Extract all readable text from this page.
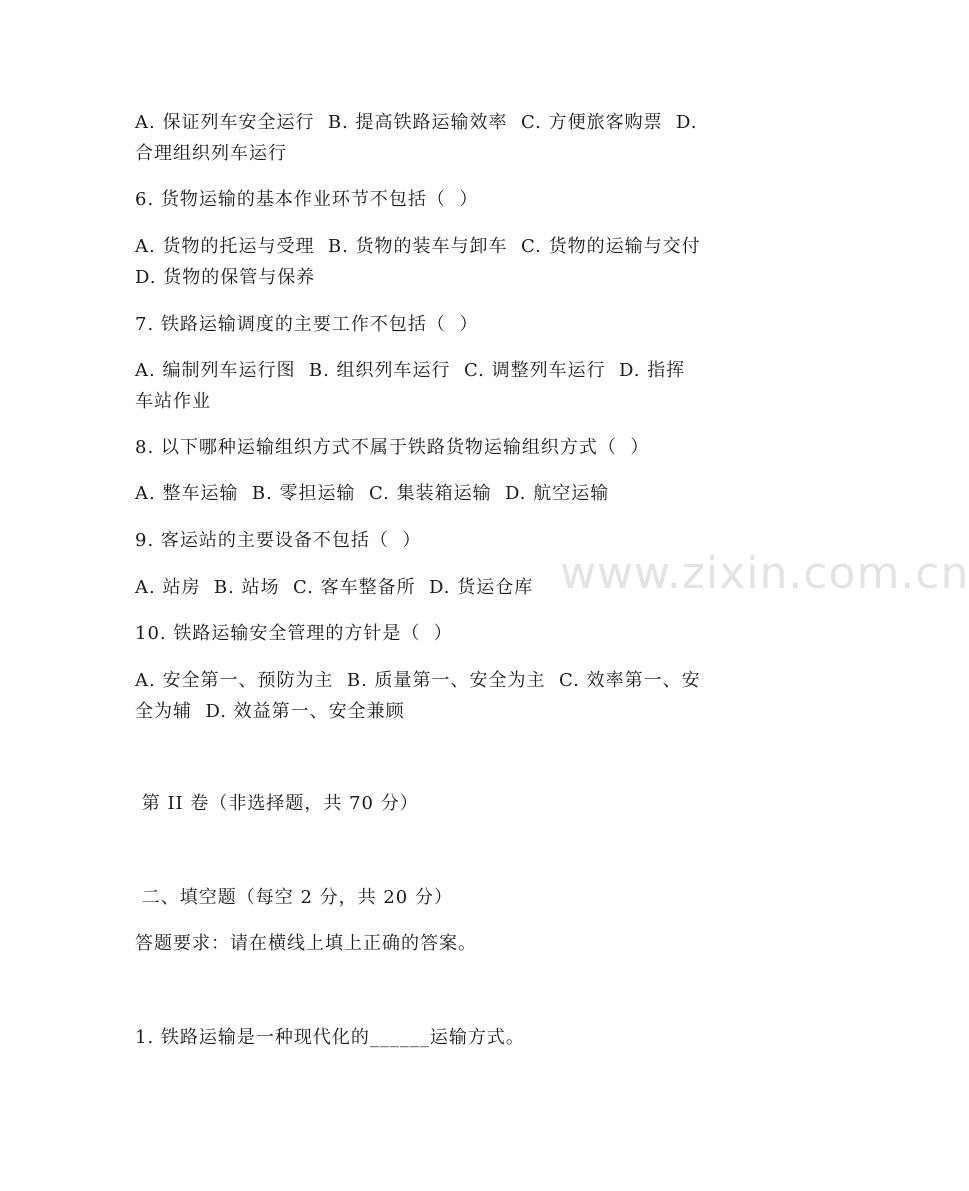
www.zixin.com.cn
A. 保证列车安全运行  B. 提高铁路运输效率  C. 方便旅客购票  D.
合理组织列车运行
6. 货物运输的基本作业环节不包括（  ）
A. 货物的托运与受理  B. 货物的装车与卸车  C. 货物的运输与交付
D. 货物的保管与保养
7. 铁路运输调度的主要工作不包括（  ）
A. 编制列车运行图  B. 组织列车运行  C. 调整列车运行  D. 指挥
车站作业
8. 以下哪种运输组织方式不属于铁路货物运输组织方式（  ）
A. 整车运输  B. 零担运输  C. 集装箱运输  D. 航空运输
9. 客运站的主要设备不包括（  ）
A. 站房  B. 站场  C. 客车整备所  D. 货运仓库
10. 铁路运输安全管理的方针是（  ）
A. 安全第一、预防为主  B. 质量第一、安全为主  C. 效率第一、安
全为辅  D. 效益第一、安全兼顾
第 II 卷（非选择题，共 70 分）
二、填空题（每空 2 分，共 20 分）
答题要求：请在横线上填上正确的答案。
1. 铁路运输是一种现代化的______运输方式。
